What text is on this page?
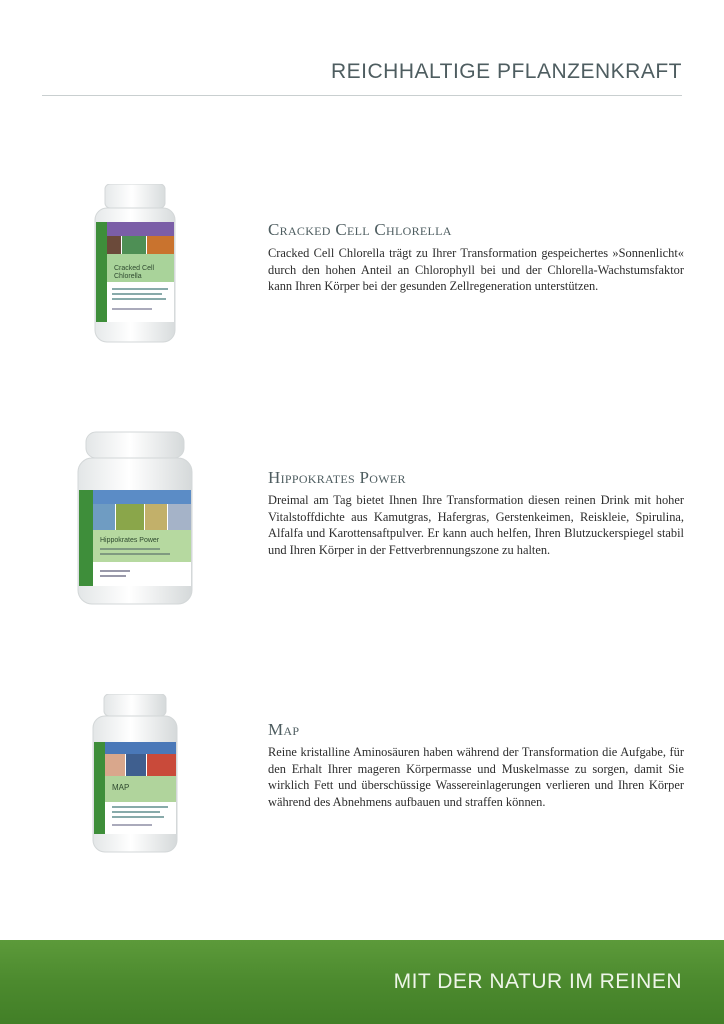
REICHHALTIGE PFLANZENKRAFT
Cracked Cell
Chlorella
Cracked Cell Chlorella
Cracked Cell Chlorella trägt zu Ihrer Transformation gespeichertes »Sonnenlicht« durch den hohen Anteil an Chlorophyll bei und der Chlorella-Wachstumsfaktor kann Ihren Körper bei der gesunden Zellregeneration unterstützen.
Hippokrates Power
Hippokrates Power
Dreimal am Tag bietet Ihnen Ihre Transformation diesen reinen Drink mit hoher Vitalstoffdichte aus Kamutgras, Hafergras, Gerstenkeimen, Reiskleie, Spirulina, Alfalfa und Karottensaftpulver. Er kann auch helfen, Ihren Blutzuckerspiegel stabil und Ihren Körper in der Fettverbrennungszone zu halten.
MAP
Map
Reine kristalline Aminosäuren haben während der Transformation die Aufgabe, für den Erhalt Ihrer mageren Körpermasse und Muskelmasse zu sorgen, damit Sie wirklich Fett und überschüssige Wassereinlagerungen verlieren und Ihren Körper während des Abnehmens aufbauen und straffen können.
MIT DER NATUR IM REINEN
